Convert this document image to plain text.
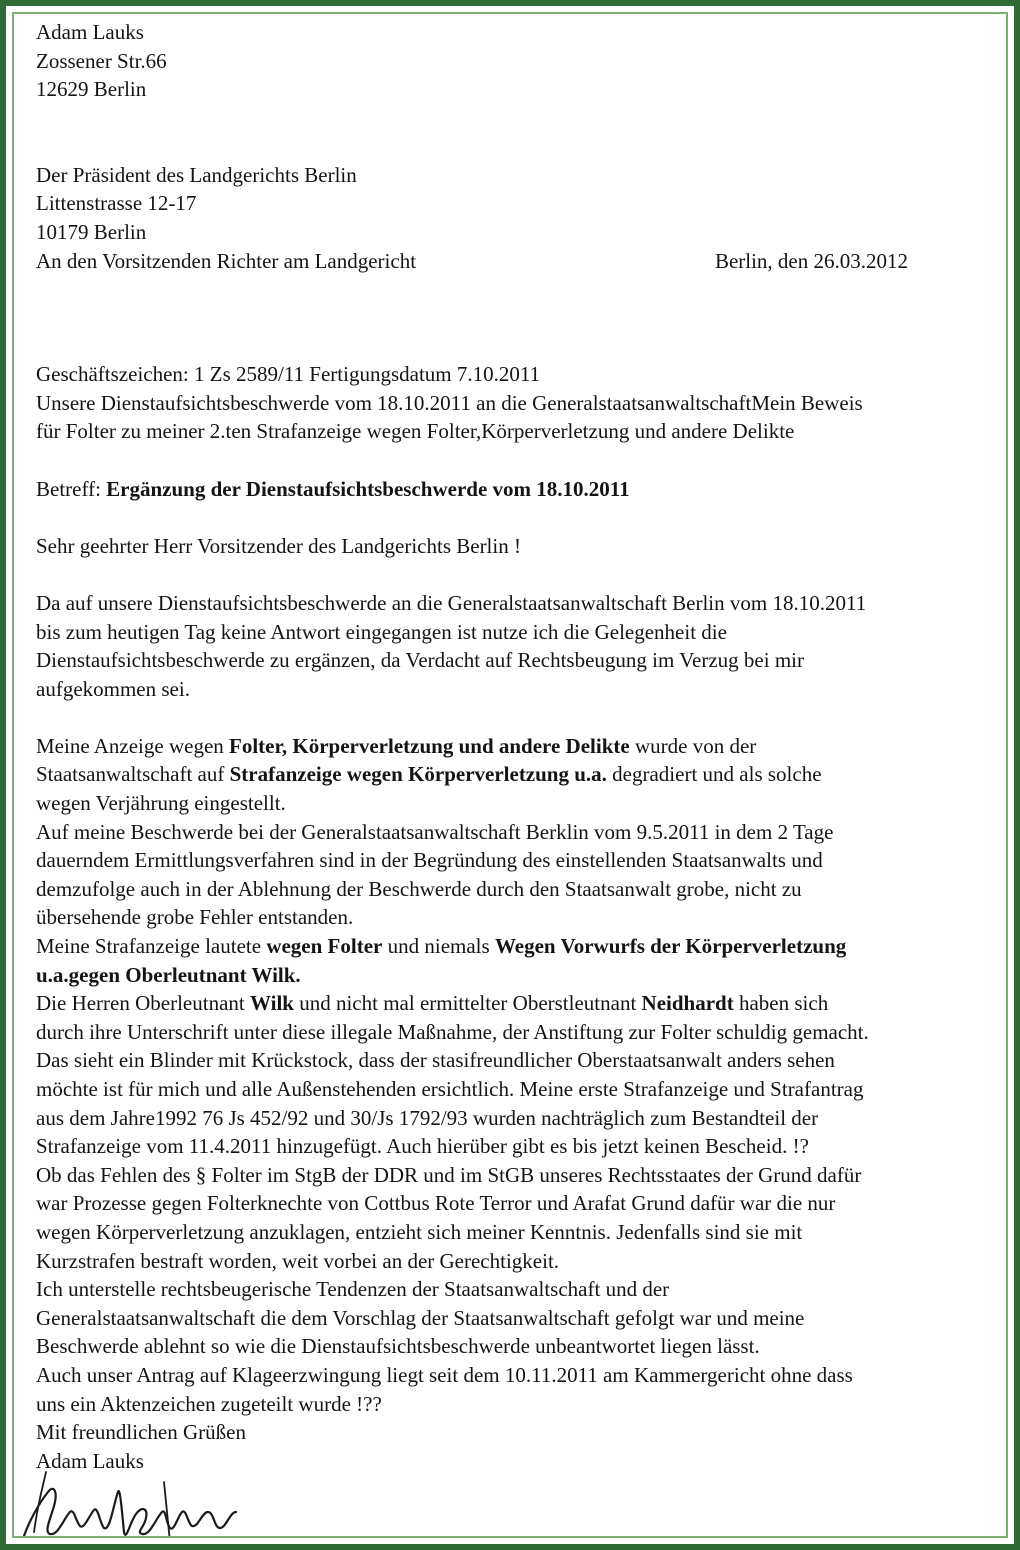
Adam Lauks
Zossener Str.66
12629 Berlin
Der Präsident des Landgerichts Berlin
Littenstrasse 12-17
10179 Berlin
An den Vorsitzenden Richter am Landgericht	Berlin, den 26.03.2012
Geschäftszeichen: 1 Zs 2589/11 Fertigungsdatum 7.10.2011
Unsere Dienstaufsichtsbeschwerde vom 18.10.2011 an die GeneralstaatsanwaltschaftMein Beweis
für Folter zu meiner 2.ten Strafanzeige wegen Folter,Körperverletzung und andere Delikte
Betreff: Ergänzung der Dienstaufsichtsbeschwerde vom 18.10.2011
Sehr geehrter Herr Vorsitzender des Landgerichts Berlin !
Da auf unsere Dienstaufsichtsbeschwerde an die Generalstaatsanwaltschaft Berlin vom 18.10.2011
bis zum heutigen Tag keine Antwort eingegangen ist nutze ich die Gelegenheit die
Dienstaufsichtsbeschwerde zu ergänzen, da Verdacht auf Rechtsbeugung im Verzug bei mir
aufgekommen sei.
Meine Anzeige wegen Folter, Körperverletzung und andere Delikte wurde von der
Staatsanwaltschaft auf Strafanzeige wegen Körperverletzung u.a. degradiert und als solche
wegen Verjährung eingestellt.
Auf meine Beschwerde bei der Generalstaatsanwaltschaft Berklin vom 9.5.2011 in dem 2 Tage
dauerndem Ermittlungsverfahren sind in der Begründung des einstellenden Staatsanwalts und
demzufolge auch in der Ablehnung der Beschwerde durch den Staatsanwalt grobe, nicht zu
übersehende grobe Fehler entstanden.
Meine Strafanzeige lautete wegen Folter und niemals Wegen Vorwurfs der Körperverletzung
u.a.gegen Oberleutnant Wilk.
Die Herren Oberleutnant Wilk und nicht mal ermittelter Oberstleutnant Neidhardt haben sich
durch ihre Unterschrift unter diese illegale Maßnahme, der Anstiftung zur Folter schuldig gemacht.
Das sieht ein Blinder mit Krückstock, dass der stasifreundlicher Oberstaatsanwalt anders sehen
möchte ist für mich und alle Außenstehenden ersichtlich. Meine erste Strafanzeige und Strafantrag
aus dem Jahre1992 76 Js 452/92 und 30/Js 1792/93 wurden nachträglich zum Bestandteil der
Strafanzeige vom 11.4.2011 hinzugefügt. Auch hierüber gibt es bis jetzt keinen Bescheid. !?
Ob das Fehlen des § Folter im StgB der DDR und im StGB unseres Rechtsstaates der Grund dafür
war Prozesse gegen Folterknechte von Cottbus Rote Terror und Arafat Grund dafür war die nur
wegen Körperverletzung anzuklagen, entzieht sich meiner Kenntnis. Jedenfalls sind sie mit
Kurzstrafen bestraft worden, weit vorbei an der Gerechtigkeit.
Ich unterstelle rechtsbeugerische Tendenzen der Staatsanwaltschaft und der
Generalstaatsanwaltschaft die dem Vorschlag der Staatsanwaltschaft gefolgt war und meine
Beschwerde ablehnt so wie die Dienstaufsichtsbeschwerde unbeantwortet liegen lässt.
Auch unser Antrag auf Klageerzwingung liegt seit dem 10.11.2011 am Kammergericht ohne dass
uns ein Aktenzeichen zugeteilt wurde !??
Mit freundlichen Grüßen
Adam Lauks
